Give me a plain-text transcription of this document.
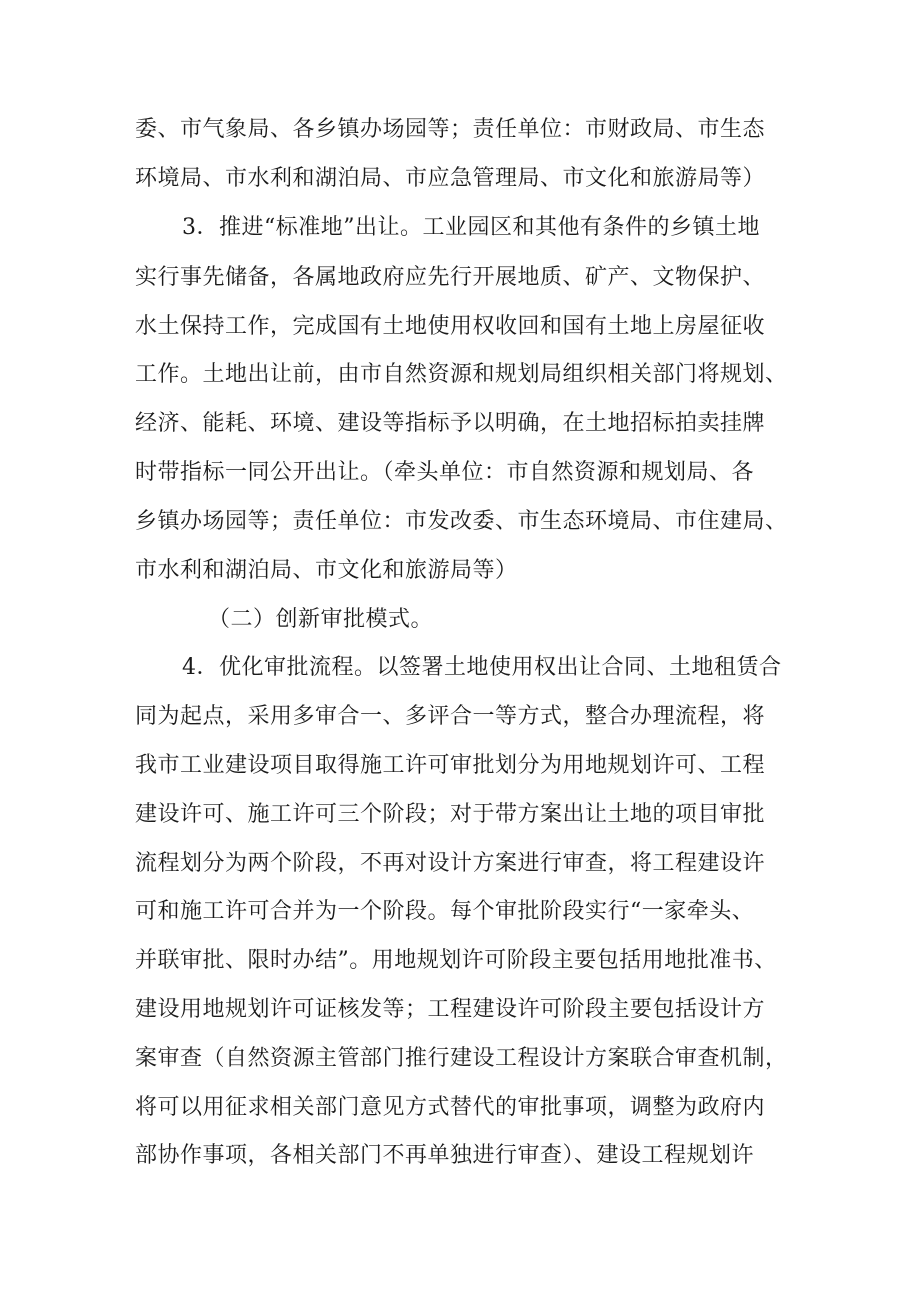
委、市气象局、各乡镇办场园等；责任单位：市财政局、市生态
环境局、市水利和湖泊局、市应急管理局、市文化和旅游局等）
3．推进“标准地”出让。工业园区和其他有条件的乡镇土地
实行事先储备，各属地政府应先行开展地质、矿产、文物保护、
水土保持工作，完成国有土地使用权收回和国有土地上房屋征收
工作。土地出让前，由市自然资源和规划局组织相关部门将规划、
经济、能耗、环境、建设等指标予以明确，在土地招标拍卖挂牌
时带指标一同公开出让。（牵头单位：市自然资源和规划局、各
乡镇办场园等；责任单位：市发改委、市生态环境局、市住建局、
市水利和湖泊局、市文化和旅游局等）
（二）创新审批模式。
4．优化审批流程。以签署土地使用权出让合同、土地租赁合
同为起点，采用多审合一、多评合一等方式，整合办理流程，将
我市工业建设项目取得施工许可审批划分为用地规划许可、工程
建设许可、施工许可三个阶段；对于带方案出让土地的项目审批
流程划分为两个阶段，不再对设计方案进行审查，将工程建设许
可和施工许可合并为一个阶段。每个审批阶段实行“一家牵头、
并联审批、限时办结”。用地规划许可阶段主要包括用地批准书、
建设用地规划许可证核发等；工程建设许可阶段主要包括设计方
案审查（自然资源主管部门推行建设工程设计方案联合审查机制，
将可以用征求相关部门意见方式替代的审批事项，调整为政府内
部协作事项，各相关部门不再单独进行审查）、建设工程规划许
